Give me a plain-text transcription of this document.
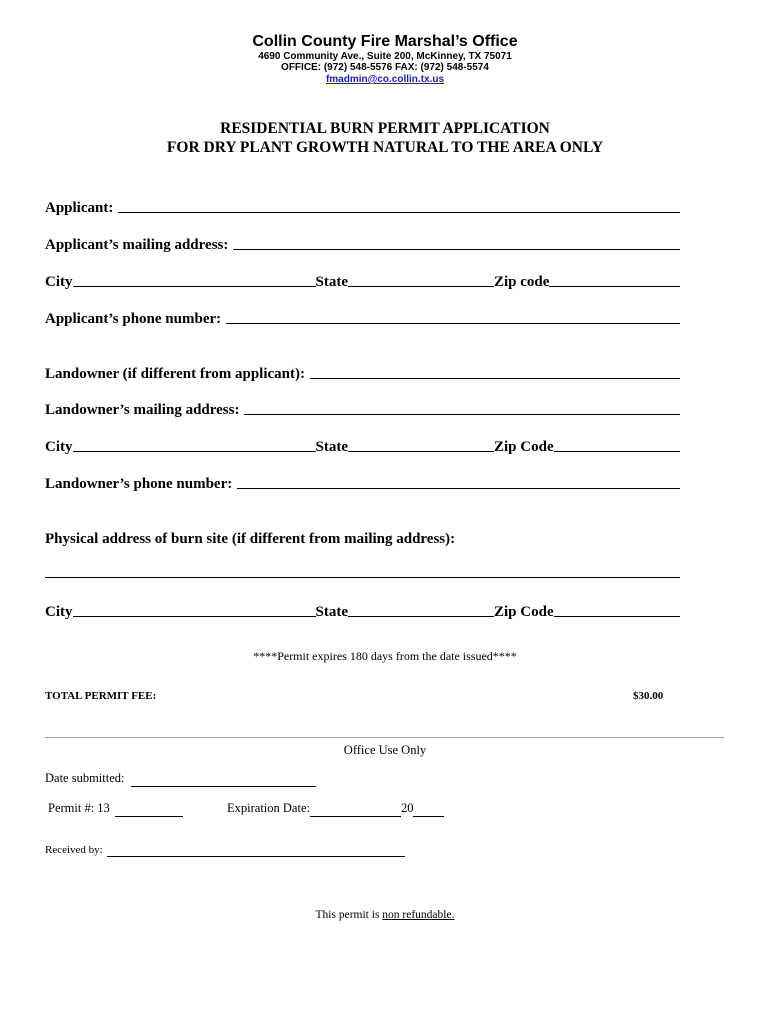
Collin County Fire Marshal’s Office
4690 Community Ave., Suite 200, McKinney, TX 75071
OFFICE: (972) 548-5576 FAX: (972) 548-5574
fmadmin@co.collin.tx.us
RESIDENTIAL BURN PERMIT APPLICATION
FOR DRY PLANT GROWTH NATURAL TO THE AREA ONLY
Applicant:
Applicant’s mailing address:
City	State	Zip code
Applicant’s phone number:
Landowner (if different from applicant):
Landowner’s mailing address:
City	State	Zip Code
Landowner’s phone number:
Physical address of burn site (if different from mailing address):
City	State	Zip Code
****Permit expires 180 days from the date issued****
TOTAL PERMIT FEE:	$30.00
Office Use Only
Date submitted:
Permit #: 13	Expiration Date:	20
Received by:
This permit is non refundable.
